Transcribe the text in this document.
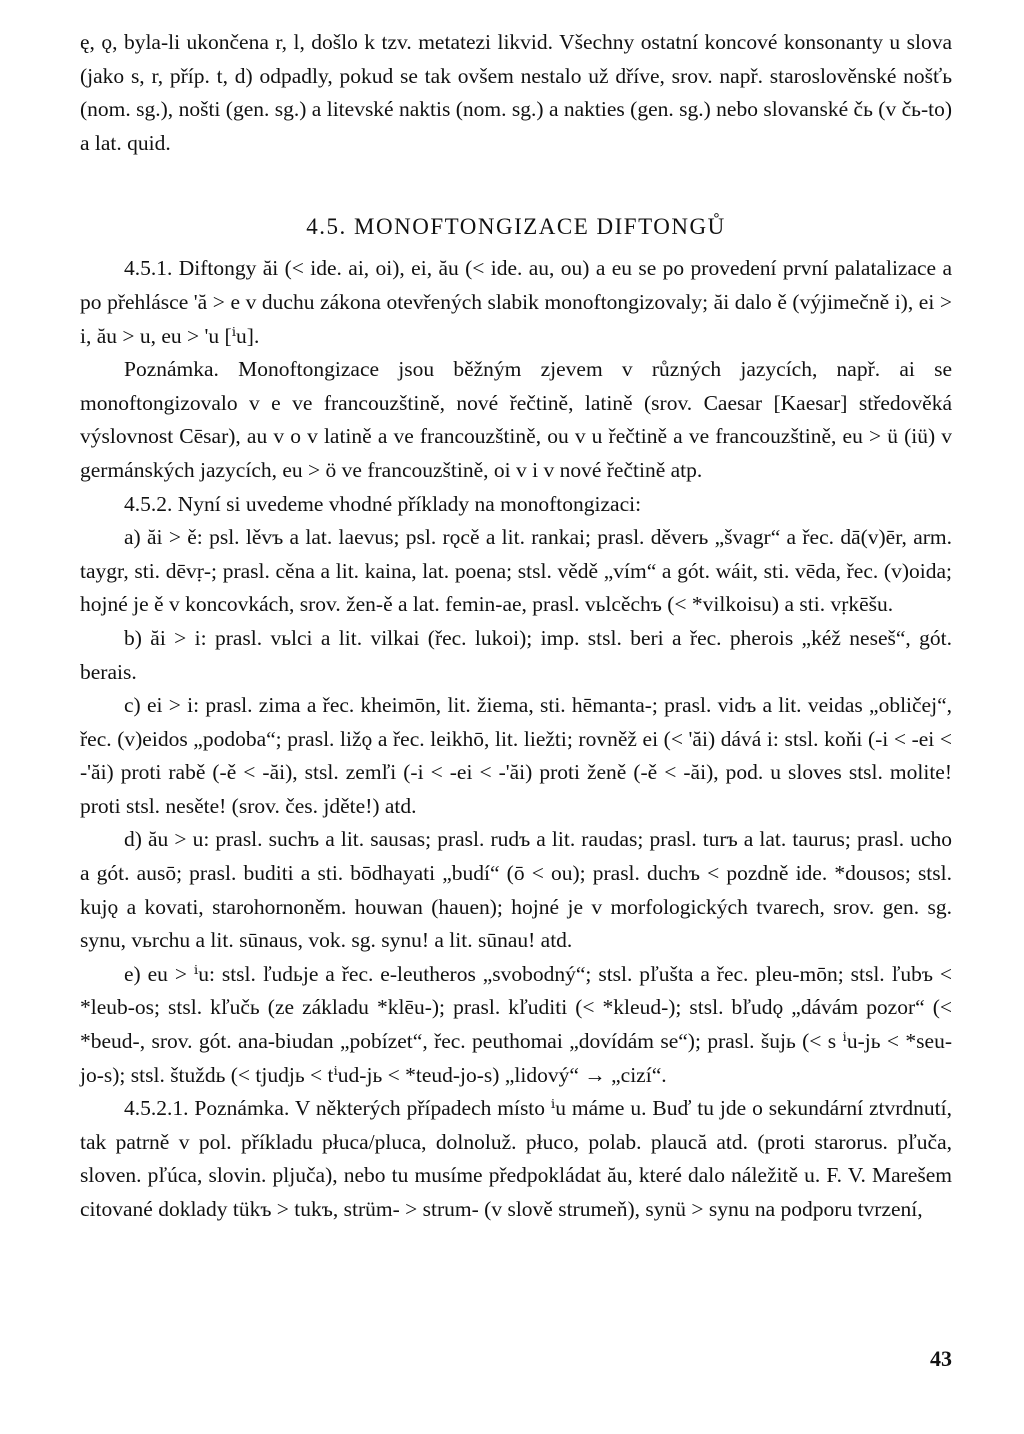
ę, ǫ, byla-li ukončena r, l, došlo k tzv. metatezi likvid. Všechny ostatní koncové konsonanty u slova (jako s, r, příp. t, d) odpadly, pokud se tak ovšem nestalo už dříve, srov. např. staroslověnské nošťь (nom. sg.), nošti (gen. sg.) a litevské naktis (nom. sg.) a nakties (gen. sg.) nebo slovanské čь (v čь-to) a lat. quid.

4.5. MONOFTONGIZACE DIFTONGŮ

4.5.1. Diftongy ăi (< ide. ai, oi), ei, ău (< ide. au, ou) a eu se po provedení první palatalizace a po přehlásce 'ă > e v duchu zákona otevřených slabik monoftongizovaly; ăi dalo ě (výjimečně i), ei > i, ău > u, eu > 'u [ⁱu].

Poznámka. Monoftongizace jsou běžným zjevem v různých jazycích, např. ai se monoftongizovalo v e ve francouzštině, nové řečtině, latině (srov. Caesar [Kaesar] středověká výslovnost Cēsar), au v o v latině a ve francouzštině, ou v u řečtině a ve francouzštině, eu > ü (iü) v germánských jazycích, eu > ö ve francouzštině, oi v i v nové řečtině atp.

4.5.2. Nyní si uvedeme vhodné příklady na monoftongizaci:

a) ăi > ě: psl. lěvъ a lat. laevus; psl. rǫcě a lit. rankai; prasl. děverь „švagr“ a řec. dā(v)ēr, arm. taygr, sti. dēvṛ-; prasl. cěna a lit. kaina, lat. poena; stsl. vědě „vím“ a gót. wáit, sti. vēda, řec. (v)oida; hojné je ě v koncovkách, srov. žen-ě a lat. femin-ae, prasl. vьlcěchъ (< *vilkoisu) a sti. vṛkēšu.

b) ăi > i: prasl. vьlci a lit. vilkai (řec. lukoi); imp. stsl. beri a řec. pherois „kéž neseš“, gót. berais.

c) ei > i: prasl. zima a řec. kheimōn, lit. žiema, sti. hēmanta-; prasl. vidъ a lit. veidas „obličej“, řec. (v)eidos „podoba“; prasl. ližǫ a řec. leikhō, lit. liežti; rovněž ei (< 'ăi) dává i: stsl. koňi (-i < -ei < -'ăi) proti rabě (-ě < -ăi), stsl. zemľi (-i < -ei < -'ăi) proti ženě (-ě < -ăi), pod. u sloves stsl. molite! proti stsl. nesěte! (srov. čes. jděte!) atd.

d) ău > u: prasl. suchъ a lit. sausas; prasl. rudъ a lit. raudas; prasl. turъ a lat. taurus; prasl. ucho a gót. ausō; prasl. buditi a sti. bōdhayati „budí“ (ō < ou); prasl. duchъ < pozdně ide. *dousos; stsl. kujǫ a kovati, starohornoněm. houwan (hauen); hojné je v morfologických tvarech, srov. gen. sg. synu, vьrchu a lit. sūnaus, vok. sg. synu! a lit. sūnau! atd.

e) eu > ⁱu: stsl. ľudьje a řec. e-leutheros „svobodný“; stsl. pľušta a řec. pleu-mōn; stsl. ľubъ < *leub-os; stsl. kľučь (ze základu *klēu-); prasl. kľuditi (< *kleud-); stsl. bľudǫ „dávám pozor“ (< *beud-, srov. gót. ana-biudan „pobízet“, řec. peuthomai „dovídám se“); prasl. šujь (< s ⁱu-jь < *seu-jo-s); stsl. štuždь (< tjudjь < tⁱud-jь < *teud-jo-s) „lidový“ → „cizí“.

4.5.2.1. Poznámka. V některých případech místo ⁱu máme u. Buď tu jde o sekundární ztvrdnutí, tak patrně v pol. příkladu płuca/pluca, dolnoluž. płuco, polab. plaucă atd. (proti starorus. pľuča, sloven. pľúca, slovin. pljuča), nebo tu musíme předpokládat ău, které dalo náležitě u. F. V. Marešem citované doklady tükъ > tukъ, strüm- > strum- (v slově strumeň), synü > synu na podporu tvrzení,

43
